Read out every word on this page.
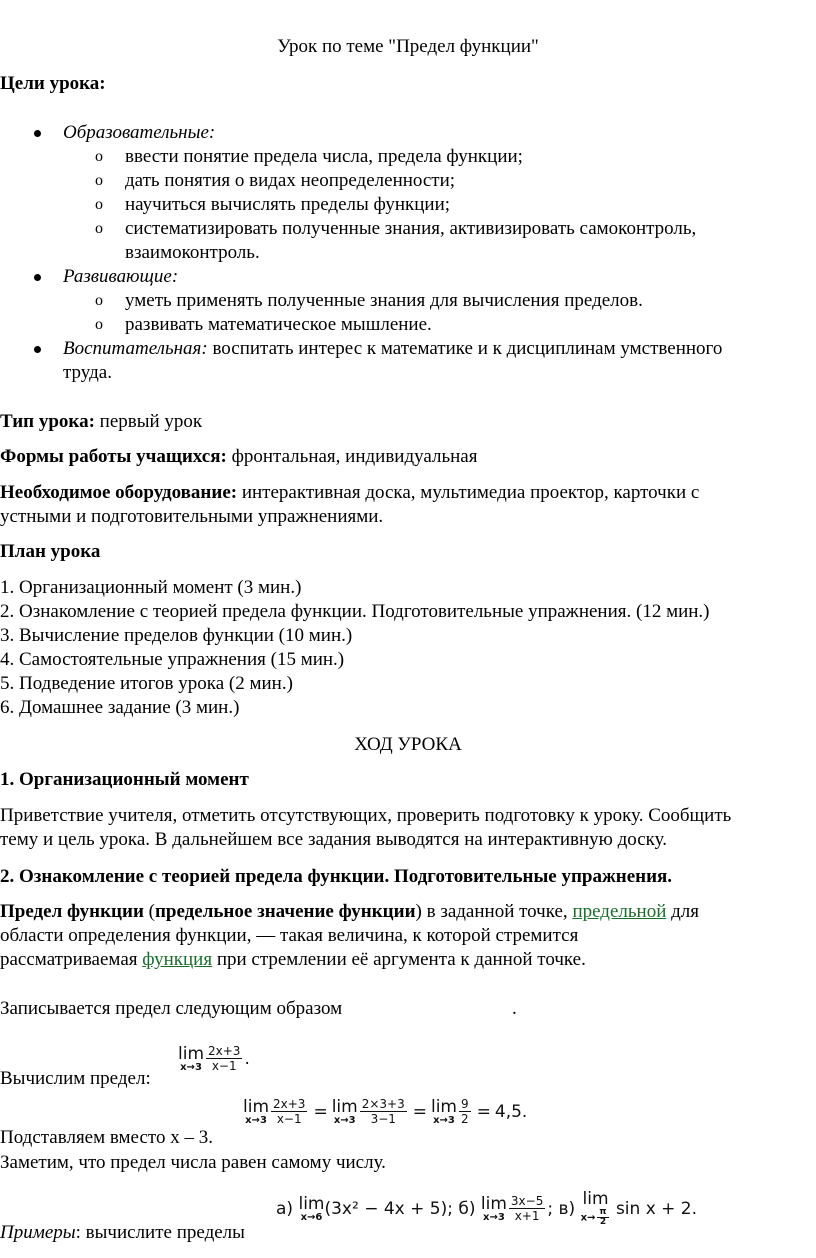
Урок по теме "Предел функции"
Цели урока:
Образовательные:
o ввести понятие предела числа, предела функции;
o дать понятия о видах неопределенности;
o научиться вычислять пределы функции;
o систематизировать полученные знания, активизировать самоконтроль,
взаимоконтроль.
Развивающие:
o уметь применять полученные знания для вычисления пределов.
o развивать математическое мышление.
Воспитательная: воспитать интерес к математике и к дисциплинам умственного
труда.
Тип урока: первый урок
Формы работы учащихся: фронтальная, индивидуальная
Необходимое оборудование: интерактивная доска, мультимедиа проектор, карточки с
устными и подготовительными упражнениями.
План урока
1. Организационный момент (3 мин.)
2. Ознакомление с теорией предела функции. Подготовительные упражнения. (12 мин.)
3. Вычисление пределов функции (10 мин.)
4. Самостоятельные упражнения (15 мин.)
5. Подведение итогов урока (2 мин.)
6. Домашнее задание (3 мин.)
ХОД УРОКА
1. Организационный момент
Приветствие учителя, отметить отсутствующих, проверить подготовку к уроку. Сообщить
тему и цель урока. В дальнейшем все задания выводятся на интерактивную доску.
2. Ознакомление с теорией предела функции. Подготовительные упражнения.
Предел функции (предельное значение функции) в заданной точке, предельной для
области определения функции, — такая величина, к которой стремится
рассматриваемая функция при стремлении её аргумента к данной точке.
Записывается предел следующим образом	.
Вычислим предел:
lim
$x\to 3 \frac{2x+3}{x-1}$ .
lim
$x\to 3 \frac{2x+3}{x-1} = \lim$
$x\to 3 \frac{2\times 3+3}{3-1} = \lim$
$x\to 3 \frac{9}{2} = 4,5$.
Подставляем вместо х – 3.
Заметим, что предел числа равен самому числу.
а)
lim
x→6 (3x² − 4x + 5);
б)
lim
$x\to 3 \frac{3x-5}{x+1}$ ;
в)
lim
$x\to \frac{\pi}{2}$
sin x + 2.
Примеры: вычислите пределы
